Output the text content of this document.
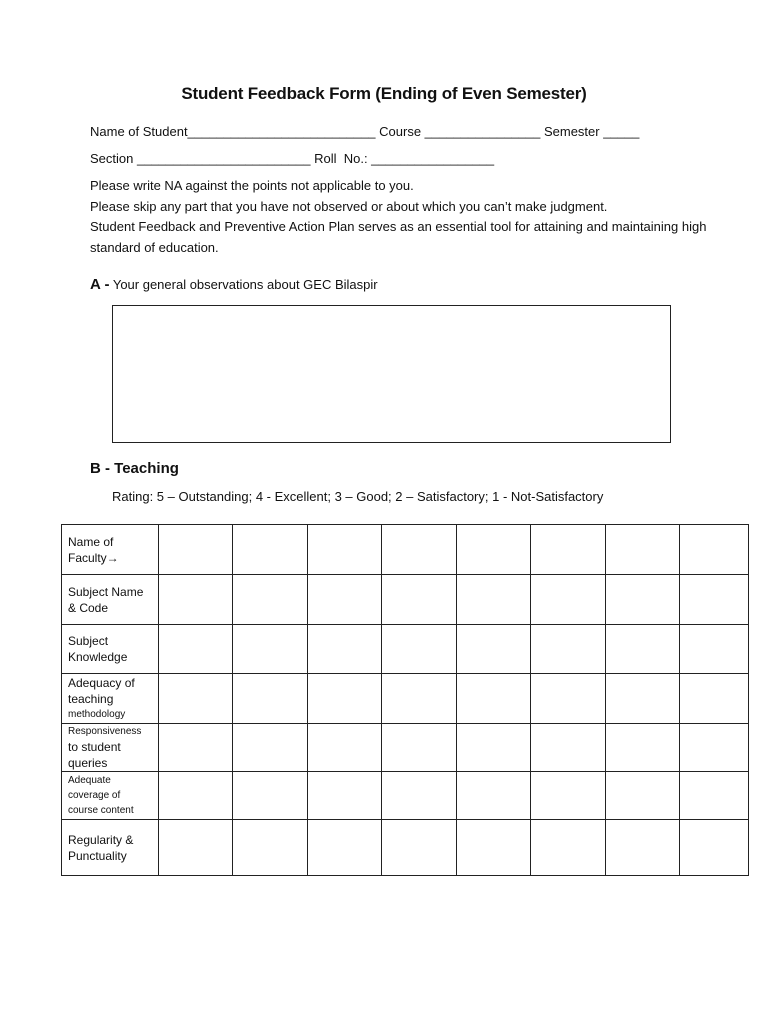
Student Feedback Form (Ending of Even Semester)
Name of Student__________________________ Course ________________ Semester _____
Section ________________________ Roll  No.: _________________
Please write NA against the points not applicable to you.
Please skip any part that you have not observed or about which you can’t make judgment.
Student Feedback and Preventive Action Plan serves as an essential tool for attaining and maintaining high
standard of education.
A - Your general observations about GEC Bilaspir
B - Teaching
Rating: 5 – Outstanding; 4 - Excellent; 3 – Good; 2 – Satisfactory; 1 - Not-Satisfactory
Name of
Faculty→								

Subject Name
& Code								

Subject
Knowledge								

Adequacy of
teaching
methodology								

Responsiveness
to student
queries								

Adequate
coverage of
course content								

Regularity &
Punctuality								
